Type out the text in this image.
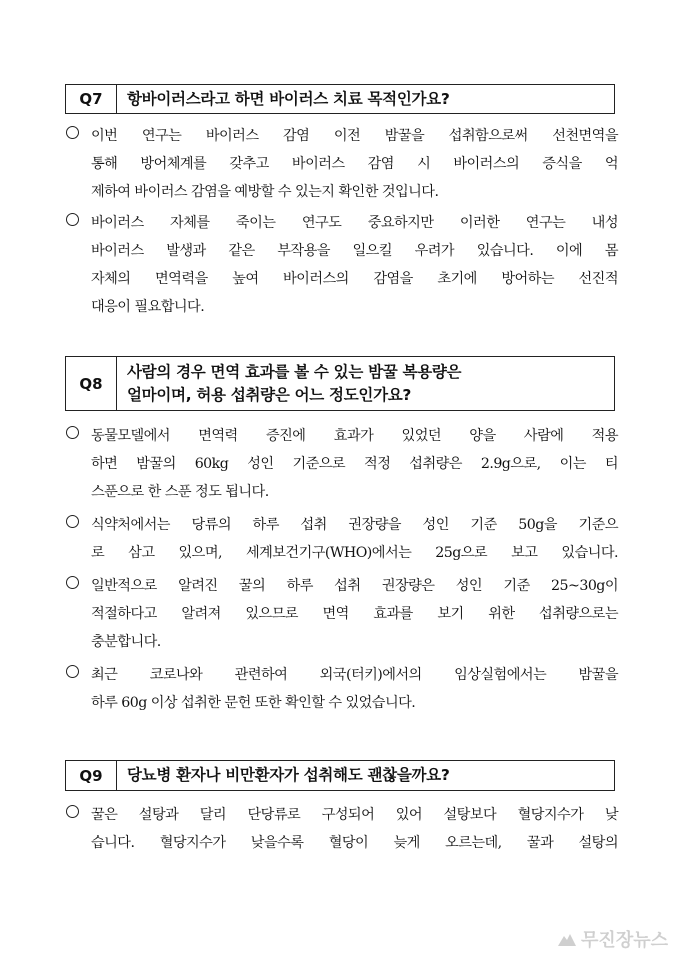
Q7	항바이러스라고 하면 바이러스 치료 목적인가요?
이번 연구는 바이러스 감염 이전 밤꿀을 섭취함으로써 선천면역을
통해 방어체계를 갖추고 바이러스 감염 시 바이러스의 증식을 억
제하여 바이러스 감염을 예방할 수 있는지 확인한 것입니다.
바이러스 자체를 죽이는 연구도 중요하지만 이러한 연구는 내성
바이러스 발생과 같은 부작용을 일으킬 우려가 있습니다. 이에 몸
자체의 면역력을 높여 바이러스의 감염을 초기에 방어하는 선진적
대응이 필요합니다.
Q8
사람의 경우 면역 효과를 볼 수 있는 밤꿀 복용량은
얼마이며, 허용 섭취량은 어느 정도인가요?
동물모델에서 면역력 증진에 효과가 있었던 양을 사람에 적용
하면 밤꿀의 60kg 성인 기준으로 적정 섭취량은 2.9g으로, 이는 티
스푼으로 한 스푼 정도 됩니다.
식약처에서는 당류의 하루 섭취 권장량을 성인 기준 50g을 기준으
로 삼고 있으며, 세계보건기구(WHO)에서는 25g으로 보고 있습니다.
일반적으로 알려진 꿀의 하루 섭취 권장량은 성인 기준 25~30g이
적절하다고 알려져 있으므로 면역 효과를 보기 위한 섭취량으로는
충분합니다.
최근 코로나와 관련하여 외국(터키)에서의 임상실험에서는 밤꿀을
하루 60g 이상 섭취한 문헌 또한 확인할 수 있었습니다.
Q9	당뇨병 환자나 비만환자가 섭취해도 괜찮을까요?
꿀은 설탕과 달리 단당류로 구성되어 있어 설탕보다 혈당지수가 낮
습니다. 혈당지수가 낮을수록 혈당이 늦게 오르는데, 꿀과 설탕의
무진장뉴스
